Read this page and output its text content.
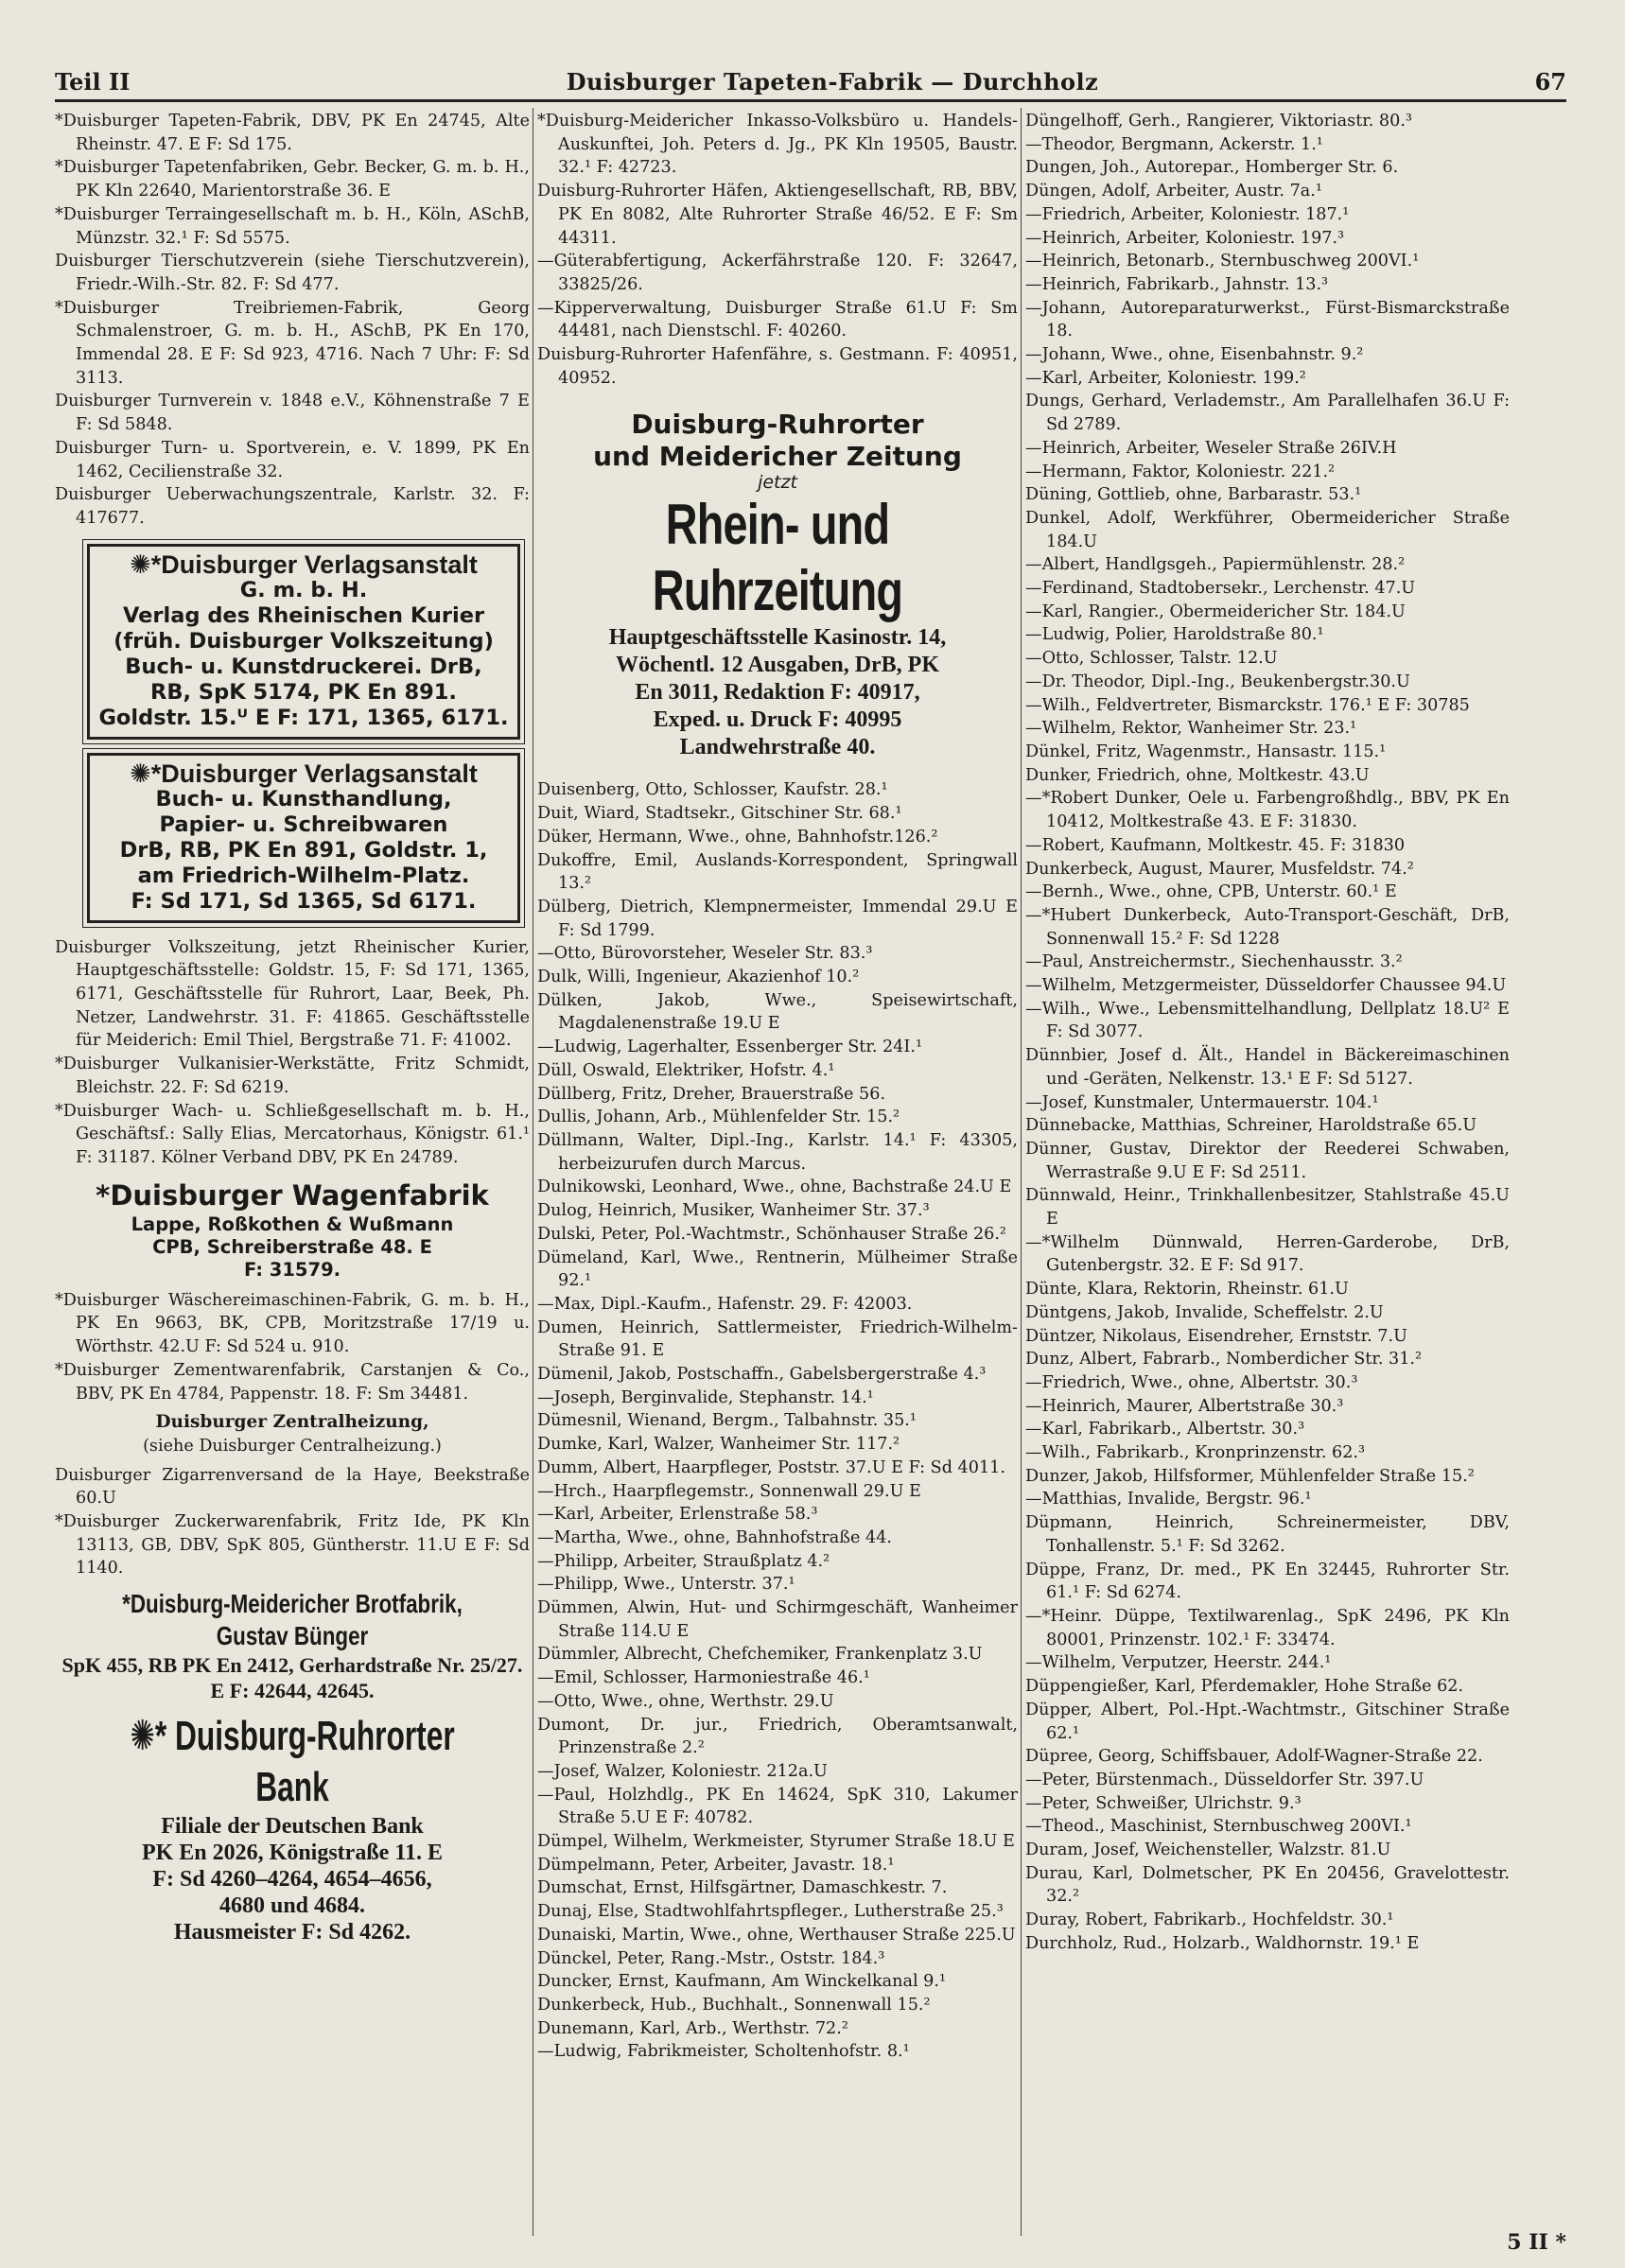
Teil II	Duisburger Tapeten-Fabrik — Durchholz	67

*Duisburger Tapeten-Fabrik, DBV, PK En 24745, Alte Rheinstr. 47. E F: Sd 175.

*Duisburger Tapetenfabriken, Gebr. Becker, G. m. b. H., PK Kln 22640, Marientorstraße 36. E

*Duisburger Terraingesellschaft m. b. H., Köln, ASchB, Münzstr. 32.¹ F: Sd 5575.

Duisburger Tierschutzverein (siehe Tierschutzverein), Friedr.-Wilh.-Str. 82. F: Sd 477.

*Duisburger Treibriemen-Fabrik, Georg Schmalenstroer, G. m. b. H., ASchB, PK En 170, Immendal 28. E F: Sd 923, 4716. Nach 7 Uhr: F: Sd 3113.

Duisburger Turnverein v. 1848 e.V., Köhnenstraße 7 E F: Sd 5848.

Duisburger Turn- u. Sportverein, e. V. 1899, PK En 1462, Cecilienstraße 32.

Duisburger Ueberwachungszentrale, Karlstr. 32. F: 417677.

✺*Duisburger Verlagsanstalt

G. m. b. H.

Verlag des Rheinischen Kurier

(früh. Duisburger Volkszeitung)

Buch- u. Kunstdruckerei. DrB,

RB, SpK 5174, PK En 891.

Goldstr. 15.ᵁ E F: 171, 1365, 6171.

✺*Duisburger Verlagsanstalt

Buch- u. Kunsthandlung,

Papier- u. Schreibwaren

DrB, RB, PK En 891, Goldstr. 1,

am Friedrich-Wilhelm-Platz.

F: Sd 171, Sd 1365, Sd 6171.

Duisburger Volkszeitung, jetzt Rheinischer Kurier, Hauptgeschäftsstelle: Goldstr. 15, F: Sd 171, 1365, 6171, Geschäftsstelle für Ruhrort, Laar, Beek, Ph. Netzer, Landwehrstr. 31. F: 41865. Geschäftsstelle für Meiderich: Emil Thiel, Bergstraße 71. F: 41002.

*Duisburger Vulkanisier-Werkstätte, Fritz Schmidt, Bleichstr. 22. F: Sd 6219.

*Duisburger Wach- u. Schließgesellschaft m. b. H., Geschäftsf.: Sally Elias, Mercatorhaus, Königstr. 61.¹ F: 31187. Kölner Verband DBV, PK En 24789.

*Duisburger Wagenfabrik

Lappe, Roßkothen & Wußmann

CPB, Schreiberstraße 48. E

F: 31579.

*Duisburger Wäschereimaschinen-Fabrik, G. m. b. H., PK En 9663, BK, CPB, Moritzstraße 17/19 u. Wörthstr. 42.U F: Sd 524 u. 910.

*Duisburger Zementwarenfabrik, Carstanjen & Co., BBV, PK En 4784, Pappenstr. 18. F: Sm 34481.

Duisburger Zentralheizung,
(siehe Duisburger Centralheizung.)

Duisburger Zigarrenversand de la Haye, Beekstraße 60.U

*Duisburger Zuckerwarenfabrik, Fritz Ide, PK Kln 13113, GB, DBV, SpK 805, Güntherstr. 11.U E F: Sd 1140.

*Duisburg-Meidericher Brotfabrik, Gustav Bünger

SpK 455, RB PK En 2412, Gerhardstraße Nr. 25/27. E F: 42644, 42645.

✺* Duisburg-Ruhrorter Bank

Filiale der Deutschen Bank

PK En 2026, Königstraße 11. E

F: Sd 4260–4264, 4654–4656,

4680 und 4684.

Hausmeister F: Sd 4262.

*Duisburg-Meidericher Inkasso-Volksbüro u. Handels-Auskunftei, Joh. Peters d. Jg., PK Kln 19505, Baustr. 32.¹ F: 42723.

Duisburg-Ruhrorter Häfen, Aktiengesellschaft, RB, BBV, PK En 8082, Alte Ruhrorter Straße 46/52. E F: Sm 44311.

—Güterabfertigung, Ackerfährstraße 120. F: 32647, 33825/26.

—Kipperverwaltung, Duisburger Straße 61.U F: Sm 44481, nach Dienstschl. F: 40260.

Duisburg-Ruhrorter Hafenfähre, s. Gestmann. F: 40951, 40952.

Duisburg-Ruhrorter
und Meidericher Zeitung
jetzt
Rhein- und Ruhrzeitung

Hauptgeschäftsstelle Kasinostr. 14,

Wöchentl. 12 Ausgaben, DrB, PK

En 3011, Redaktion F: 40917,

Exped. u. Druck F: 40995

Landwehrstraße 40.

Duisenberg, Otto, Schlosser, Kaufstr. 28.¹

Duit, Wiard, Stadtsekr., Gitschiner Str. 68.¹

Düker, Hermann, Wwe., ohne, Bahnhofstr.126.²

Dukoffre, Emil, Auslands-Korrespondent, Springwall 13.²

Dülberg, Dietrich, Klempnermeister, Immendal 29.U E F: Sd 1799.

—Otto, Bürovorsteher, Weseler Str. 83.³

Dulk, Willi, Ingenieur, Akazienhof 10.²

Dülken, Jakob, Wwe., Speisewirtschaft, Magdalenenstraße 19.U E

—Ludwig, Lagerhalter, Essenberger Str. 24I.¹

Düll, Oswald, Elektriker, Hofstr. 4.¹

Düllberg, Fritz, Dreher, Brauerstraße 56.

Dullis, Johann, Arb., Mühlenfelder Str. 15.²

Düllmann, Walter, Dipl.-Ing., Karlstr. 14.¹ F: 43305, herbeizurufen durch Marcus.

Dulnikowski, Leonhard, Wwe., ohne, Bachstraße 24.U E

Dulog, Heinrich, Musiker, Wanheimer Str. 37.³

Dulski, Peter, Pol.-Wachtmstr., Schönhauser Straße 26.²

Dümeland, Karl, Wwe., Rentnerin, Mülheimer Straße 92.¹

—Max, Dipl.-Kaufm., Hafenstr. 29. F: 42003.

Dumen, Heinrich, Sattlermeister, Friedrich-Wilhelm-Straße 91. E

Dümenil, Jakob, Postschaffn., Gabelsbergerstraße 4.³

—Joseph, Berginvalide, Stephanstr. 14.¹

Dümesnil, Wienand, Bergm., Talbahnstr. 35.¹

Dumke, Karl, Walzer, Wanheimer Str. 117.²

Dumm, Albert, Haarpfleger, Poststr. 37.U E F: Sd 4011.

—Hrch., Haarpflegemstr., Sonnenwall 29.U E

—Karl, Arbeiter, Erlenstraße 58.³

—Martha, Wwe., ohne, Bahnhofstraße 44.

—Philipp, Arbeiter, Straußplatz 4.²

—Philipp, Wwe., Unterstr. 37.¹

Dümmen, Alwin, Hut- und Schirmgeschäft, Wanheimer Straße 114.U E

Dümmler, Albrecht, Chefchemiker, Frankenplatz 3.U

—Emil, Schlosser, Harmoniestraße 46.¹

—Otto, Wwe., ohne, Werthstr. 29.U

Dumont, Dr. jur., Friedrich, Oberamtsanwalt, Prinzenstraße 2.²

—Josef, Walzer, Koloniestr. 212a.U

—Paul, Holzhdlg., PK En 14624, SpK 310, Lakumer Straße 5.U E F: 40782.

Dümpel, Wilhelm, Werkmeister, Styrumer Straße 18.U E

Dümpelmann, Peter, Arbeiter, Javastr. 18.¹

Dumschat, Ernst, Hilfsgärtner, Damaschkestr. 7.

Dunaj, Else, Stadtwohlfahrtspfleger., Lutherstraße 25.³

Dunaiski, Martin, Wwe., ohne, Werthauser Straße 225.U

Dünckel, Peter, Rang.-Mstr., Oststr. 184.³

Duncker, Ernst, Kaufmann, Am Winckelkanal 9.¹

Dunkerbeck, Hub., Buchhalt., Sonnenwall 15.²

Dunemann, Karl, Arb., Werthstr. 72.²

—Ludwig, Fabrikmeister, Scholtenhofstr. 8.¹

Düngelhoff, Gerh., Rangierer, Viktoriastr. 80.³

—Theodor, Bergmann, Ackerstr. 1.¹

Dungen, Joh., Autorepar., Homberger Str. 6.

Düngen, Adolf, Arbeiter, Austr. 7a.¹

—Friedrich, Arbeiter, Koloniestr. 187.¹

—Heinrich, Arbeiter, Koloniestr. 197.³

—Heinrich, Betonarb., Sternbuschweg 200VI.¹

—Heinrich, Fabrikarb., Jahnstr. 13.³

—Johann, Autoreparaturwerkst., Fürst-Bismarckstraße 18.

—Johann, Wwe., ohne, Eisenbahnstr. 9.²

—Karl, Arbeiter, Koloniestr. 199.²

Dungs, Gerhard, Verlademstr., Am Parallelhafen 36.U F: Sd 2789.

—Heinrich, Arbeiter, Weseler Straße 26IV.H

—Hermann, Faktor, Koloniestr. 221.²

Düning, Gottlieb, ohne, Barbarastr. 53.¹

Dunkel, Adolf, Werkführer, Obermeidericher Straße 184.U

—Albert, Handlgsgeh., Papiermühlenstr. 28.²

—Ferdinand, Stadtobersekr., Lerchenstr. 47.U

—Karl, Rangier., Obermeidericher Str. 184.U

—Ludwig, Polier, Haroldstraße 80.¹

—Otto, Schlosser, Talstr. 12.U

—Dr. Theodor, Dipl.-Ing., Beukenbergstr.30.U

—Wilh., Feldvertreter, Bismarckstr. 176.¹ E F: 30785

—Wilhelm, Rektor, Wanheimer Str. 23.¹

Dünkel, Fritz, Wagenmstr., Hansastr. 115.¹

Dunker, Friedrich, ohne, Moltkestr. 43.U

—*Robert Dunker, Oele u. Farbengroßhdlg., BBV, PK En 10412, Moltkestraße 43. E F: 31830.

—Robert, Kaufmann, Moltkestr. 45. F: 31830

Dunkerbeck, August, Maurer, Musfeldstr. 74.²

—Bernh., Wwe., ohne, CPB, Unterstr. 60.¹ E

—*Hubert Dunkerbeck, Auto-Transport-Geschäft, DrB, Sonnenwall 15.² F: Sd 1228

—Paul, Anstreichermstr., Siechenhausstr. 3.²

—Wilhelm, Metzgermeister, Düsseldorfer Chaussee 94.U

—Wilh., Wwe., Lebensmittelhandlung, Dellplatz 18.U² E F: Sd 3077.

Dünnbier, Josef d. Ält., Handel in Bäckereimaschinen und -Geräten, Nelkenstr. 13.¹ E F: Sd 5127.

—Josef, Kunstmaler, Untermauerstr. 104.¹

Dünnebacke, Matthias, Schreiner, Haroldstraße 65.U

Dünner, Gustav, Direktor der Reederei Schwaben, Werrastraße 9.U E F: Sd 2511.

Dünnwald, Heinr., Trinkhallenbesitzer, Stahlstraße 45.U E

—*Wilhelm Dünnwald, Herren-Garderobe, DrB, Gutenbergstr. 32. E F: Sd 917.

Dünte, Klara, Rektorin, Rheinstr. 61.U

Düntgens, Jakob, Invalide, Scheffelstr. 2.U

Düntzer, Nikolaus, Eisendreher, Ernststr. 7.U

Dunz, Albert, Fabrarb., Nomberdicher Str. 31.²

—Friedrich, Wwe., ohne, Albertstr. 30.³

—Heinrich, Maurer, Albertstraße 30.³

—Karl, Fabrikarb., Albertstr. 30.³

—Wilh., Fabrikarb., Kronprinzenstr. 62.³

Dunzer, Jakob, Hilfsformer, Mühlenfelder Straße 15.²

—Matthias, Invalide, Bergstr. 96.¹

Düpmann, Heinrich, Schreinermeister, DBV, Tonhallenstr. 5.¹ F: Sd 3262.

Düppe, Franz, Dr. med., PK En 32445, Ruhrorter Str. 61.¹ F: Sd 6274.

—*Heinr. Düppe, Textilwarenlag., SpK 2496, PK Kln 80001, Prinzenstr. 102.¹ F: 33474.

—Wilhelm, Verputzer, Heerstr. 244.¹

Düppengießer, Karl, Pferdemakler, Hohe Straße 62.

Düpper, Albert, Pol.-Hpt.-Wachtmstr., Gitschiner Straße 62.¹

Düpree, Georg, Schiffsbauer, Adolf-Wagner-Straße 22.

—Peter, Bürstenmach., Düsseldorfer Str. 397.U

—Peter, Schweißer, Ulrichstr. 9.³

—Theod., Maschinist, Sternbuschweg 200VI.¹

Duram, Josef, Weichensteller, Walzstr. 81.U

Durau, Karl, Dolmetscher, PK En 20456, Gravelottestr. 32.²

Duray, Robert, Fabrikarb., Hochfeldstr. 30.¹

Durchholz, Rud., Holzarb., Waldhornstr. 19.¹ E

5 II *
